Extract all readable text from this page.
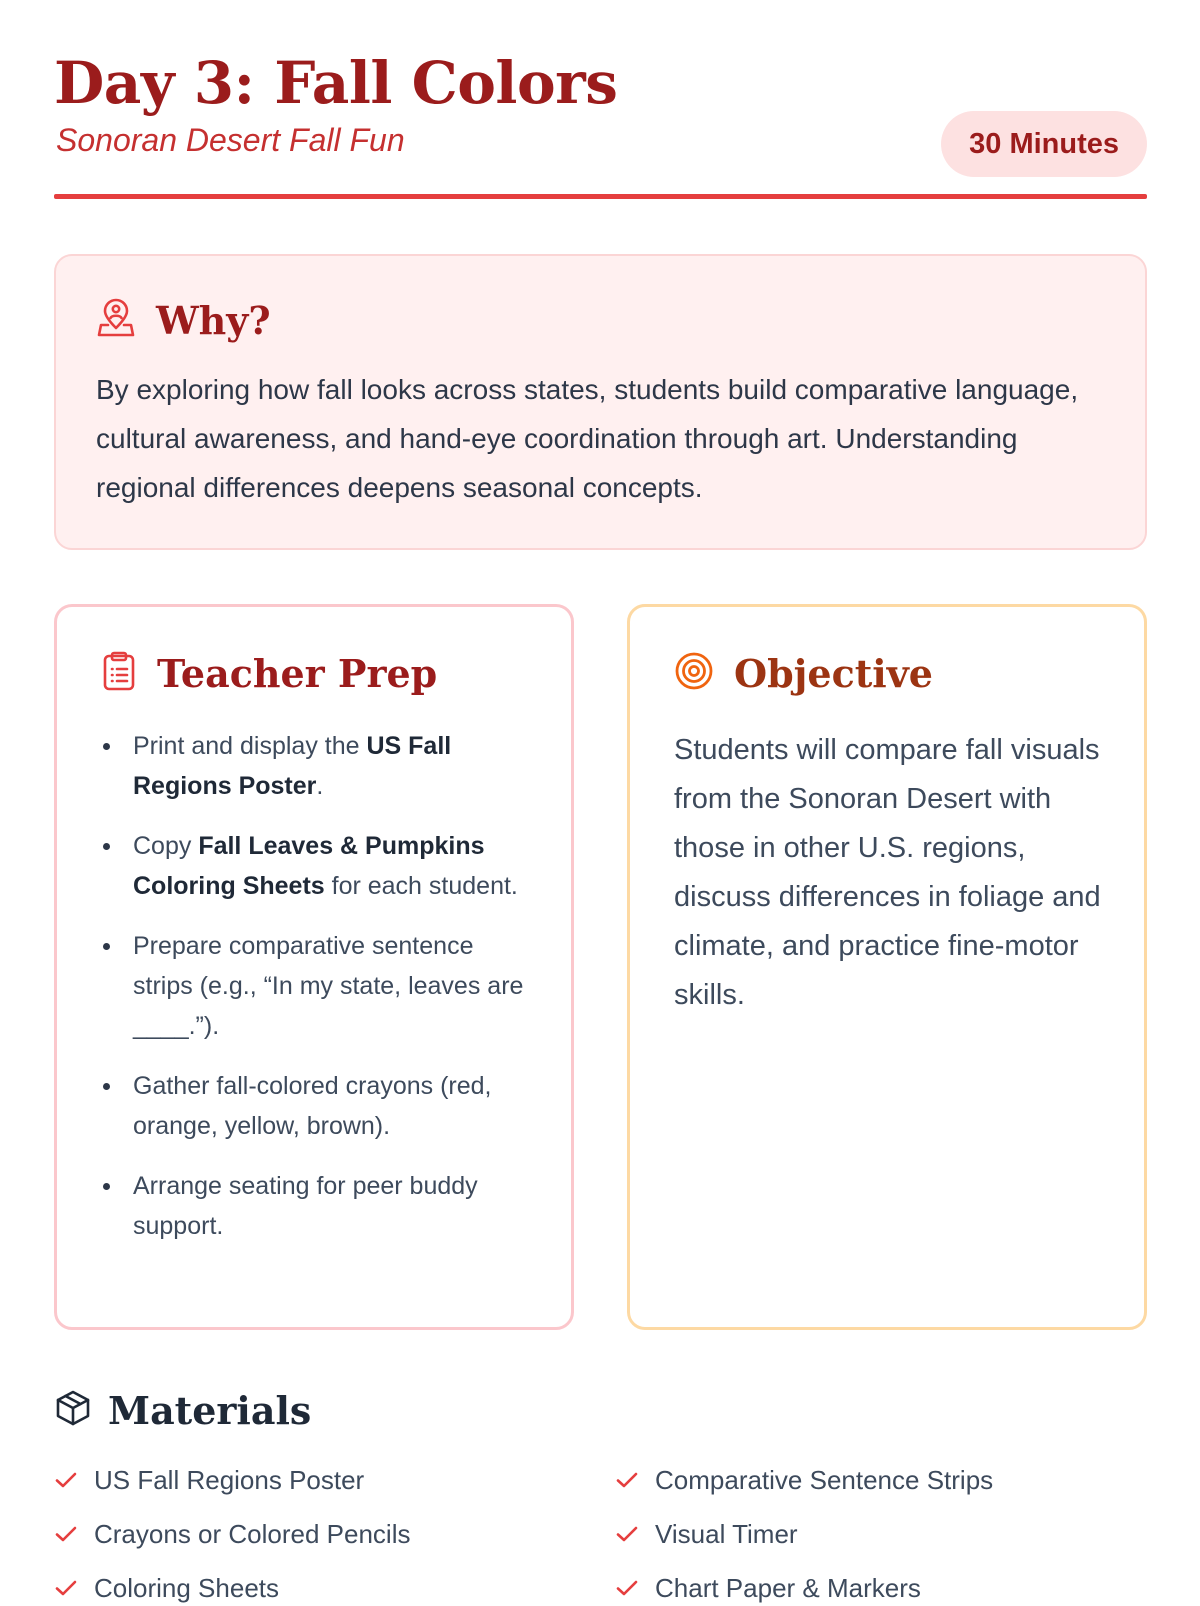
Day 3: Fall Colors
Sonoran Desert Fall Fun	30 Minutes
Why?

By exploring how fall looks across states, students build comparative language, cultural awareness, and hand-eye coordination through art. Understanding regional differences deepens seasonal concepts.

Teacher Prep
Print and display the US Fall Regions Poster.
Copy Fall Leaves & Pumpkins Coloring Sheets for each student.
Prepare comparative sentence strips (e.g., “In my state, leaves are ____.”).
Gather fall-colored crayons (red, orange, yellow, brown).
Arrange seating for peer buddy support.
Objective

Students will compare fall visuals from the Sonoran Desert with those in other U.S. regions, discuss differences in foliage and climate, and practice fine-motor skills.

Materials
US Fall Regions Poster	Comparative Sentence Strips
Crayons or Colored Pencils	Visual Timer
Coloring Sheets	Chart Paper & Markers
